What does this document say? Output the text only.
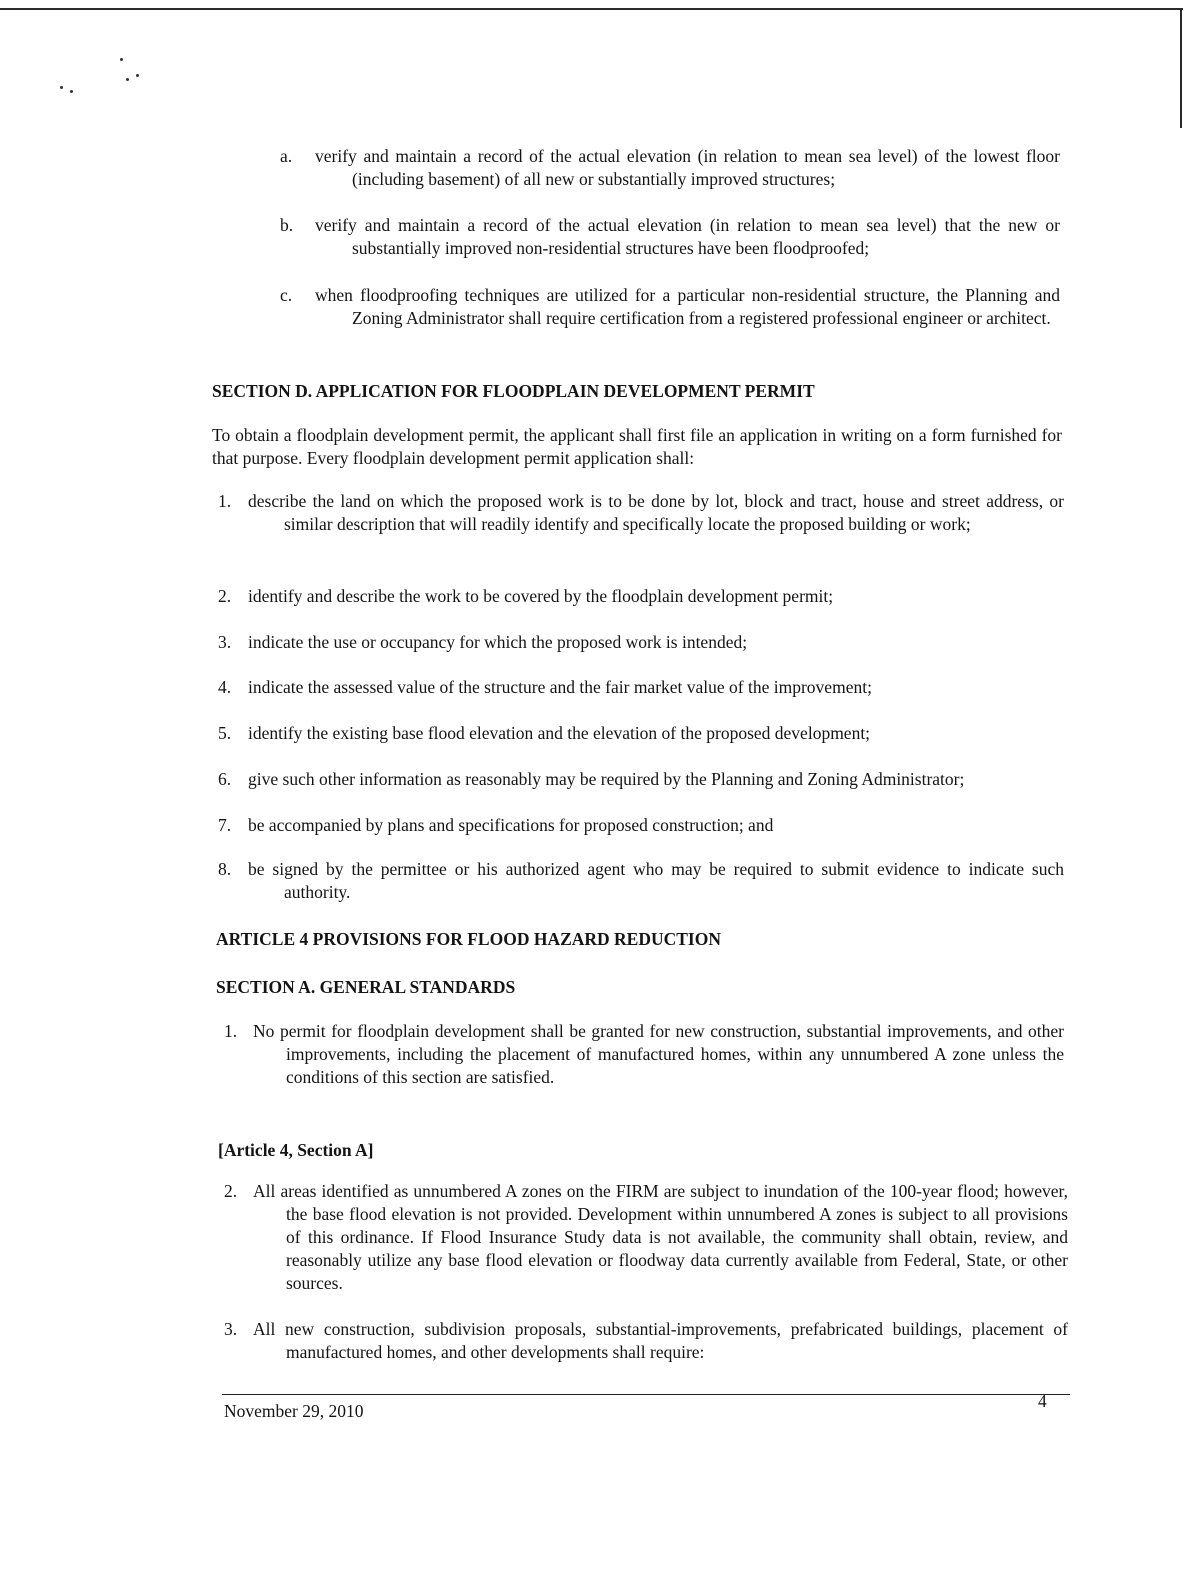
a.	verify and maintain a record of the actual elevation (in relation to mean sea level) of the lowest floor (including basement) of all new or substantially improved structures;
b.	verify and maintain a record of the actual elevation (in relation to mean sea level) that the new or substantially improved non-residential structures have been floodproofed;
c.	when floodproofing techniques are utilized for a particular non-residential structure, the Planning and Zoning Administrator shall require certification from a registered professional engineer or architect.
SECTION D. APPLICATION FOR FLOODPLAIN DEVELOPMENT PERMIT
To obtain a floodplain development permit, the applicant shall first file an application in writing on a form furnished for that purpose. Every floodplain development permit application shall:
1. describe the land on which the proposed work is to be done by lot, block and tract, house and street address, or similar description that will readily identify and specifically locate the proposed building or work;
2. identify and describe the work to be covered by the floodplain development permit;
3. indicate the use or occupancy for which the proposed work is intended;
4. indicate the assessed value of the structure and the fair market value of the improvement;
5. identify the existing base flood elevation and the elevation of the proposed development;
6. give such other information as reasonably may be required by the Planning and Zoning Administrator;
7. be accompanied by plans and specifications for proposed construction; and
8. be signed by the permittee or his authorized agent who may be required to submit evidence to indicate such authority.
ARTICLE 4 PROVISIONS FOR FLOOD HAZARD REDUCTION
SECTION A. GENERAL STANDARDS
1. No permit for floodplain development shall be granted for new construction, substantial improvements, and other improvements, including the placement of manufactured homes, within any unnumbered A zone unless the conditions of this section are satisfied.
[Article 4, Section A]
2. All areas identified as unnumbered A zones on the FIRM are subject to inundation of the 100-year flood; however, the base flood elevation is not provided. Development within unnumbered A zones is subject to all provisions of this ordinance. If Flood Insurance Study data is not available, the community shall obtain, review, and reasonably utilize any base flood elevation or floodway data currently available from Federal, State, or other sources.
3. All new construction, subdivision proposals, substantial-improvements, prefabricated buildings, placement of manufactured homes, and other developments shall require:
November 29, 2010	4
